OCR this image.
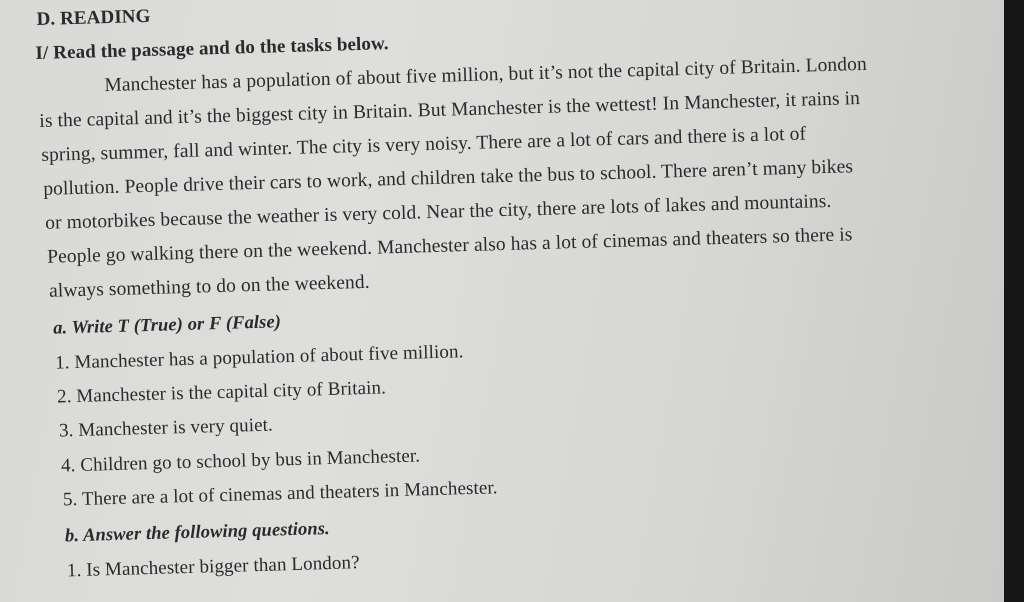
D. READING
I/ Read the passage and do the tasks below.
Manchester has a population of about five million, but it’s not the capital city of Britain. London
is the capital and it’s the biggest city in Britain. But Manchester is the wettest! In Manchester, it rains in
spring, summer, fall and winter. The city is very noisy. There are a lot of cars and there is a lot of
pollution. People drive their cars to work, and children take the bus to school. There aren’t many bikes
or motorbikes because the weather is very cold. Near the city, there are lots of lakes and mountains.
People go walking there on the weekend. Manchester also has a lot of cinemas and theaters so there is
always something to do on the weekend.
a. Write T (True) or F (False)
1. Manchester has a population of about five million.
2. Manchester is the capital city of Britain.
3. Manchester is very quiet.
4. Children go to school by bus in Manchester.
5. There are a lot of cinemas and theaters in Manchester.
b. Answer the following questions.
1. Is Manchester bigger than London?
